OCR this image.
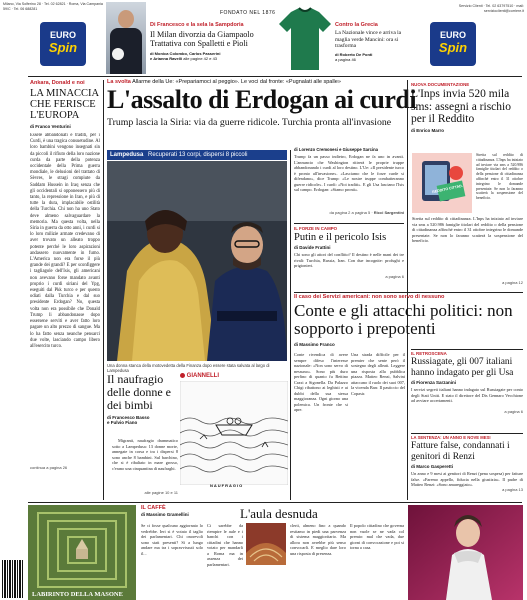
Milano, Via Solferino 28 · Tel. 02 62821 · Roma, Via Campania 59/C · Tel. 06 688281
EURO
Spin
FONDATO NEL 1876
Di Francesco e la sela la Sampdoria
Il Milan divorzia da Giampaolo Trattativa con Spalletti e Pioli
di Monica Colombo, Carlos Passerini
e Arianna Ravelli alle pagine 42 e 43
Contro la Grecia
La Nazionale vince e arriva la maglia verde Mancini: ora si trasforma
di Roberto De Ponti
a pagina 46
Servizio Clienti · Tel. 02 63797510 · mail: servizioclienti@corriere.it
EURO
Spin
Ankara, Donald e noi
LA MINACCIA CHE FERISCE L'EUROPA
di Franco Venturini
Essere abbandonati e traditi, per i Curdi, è una tragica consuetudine. Al loro bambini vengono insegnati sin da piccoli il rifiuto della loro nazione curda da parte della potenza occidentale della Prima guerra mondiale, le delusioni del trattato di Sèvres, le stragi compiute da Saddam Hussein in Iraq senza che gli occidentali si opponessero più di tanto, la repressione in Iran, e più di tutte la dura, implacabile ostilità della Turchia. Chi non ha uno Stato deve almeno salvaguardare la memoria. Ma questa volta, nella Siria in guerra da otto anni, i curdi si lo loro milizie armate credevano di aver trovato un alleato troppo potente perché le loro aspirazioni andassero nuovamente in fumo. L'America non era forse il più grande dei grandi? E per sconfiggere i tagliagole dell'Isis, gli americani non avevano forse mandato avanti proprio i curdi siriani del Ypg, eseguiti dal Pkk turco e per questo odiati dalla Turchia e dal suo presidente Erdogan? No, questa volta non era possibile che Donald Trump li abbandonasse dopo essersene serviti e aver fatto loro pagare un alto prezzo di sangue. Ma lo ha fatto senza neanche pensarci due volte, lasciando campo libero all'esercito turco.
continua a pagina 26
La svolta Allarme della Ue: «Prepariamoci al peggio». Le voci dal fronte: «Pugnalati alle spalle»
L'assalto di Erdogan ai curdi
Trump lascia la Siria: via da guerre ridicole. Turchia pronta all'invasione
Lampedusa Recuperati 13 corpi, dispersi 8 piccoli
Una donna stanca della motovedetta della Finanza dopo essere stata salvata al largo di Lampedusa
di Lorenzo Cremonesi e Giuseppe Sarcina
Trump fa un passo indietro, Erdogan ne fa uno in avanti. L'annuncio che Washington ritirerà le proprie truppe abbandonando i curdi al loro destino. L'Ue: «Il presidente turco è pronto all'invasione». «Lasciamo che le forze curde si difendano», dice Trump: «Le nostre truppe combatteranno guerre ridicole». I curdi: «Noi traditi». E gli Usa lasciano l'Isis sul campo. Erdogan: «Siamo pronti».
da pagina 2 a pagina 5 · Ricci Sargentini
IL FORZE IN CAMPO
Putin e il pericolo Isis
di Davide Frattini
Chi sono gli attori del conflitto? Il destino è nelle mani dei tre rivali: Turchia, Russia, Iran. Con due incognite: profughi e prigionieri.
a pagina 6
NUOVA DOCUMENTAZIONE
L'Inps invia 520 mila sms: assegni a rischio per il Reddito
di Enrico Marro
REDDITO CITTAD.
Stretta sul reddito di cittadinanza. L'Inps ha iniziato ad inviare via sms a 520.986 famiglie titolari del reddito o della pensione di cittadinanza affinché entro il 31 ottobre integrino le domande presentate. Se non lo faranno scatterà la sospensione del beneficio.
Stretta sul reddito di cittadinanza. L'Inps ha iniziato ad inviare via sms a 520.986 famiglie titolari del reddito o della pensione di cittadinanza affinché entro il 31 ottobre integrino le domande presentate. Se non lo faranno scatterà la sospensione del beneficio.
a pagina 12
Il caso dei Servizi americani: non sono servo di nessuno
Conte e gli attacchi politici: non sopporto i prepotenti
di Massimo Franco
Conte rivendica di avere sempre difeso l'interesse nazionale: «Non sono servo di nessuno». Sono più duro perfino di quanto fu Bettino Craxi a Sigonella. Da Palazzo Chigi ribattono ai leghisti e ai dubbi della sua stessa maggioranza. Ogni giorno una polemica. Un fronte che si apre.
Una strada difficile per il premier che sente però il sostegno degli alleati. Leggere una risposta alla pubblica piazza. Matteo Renzi, Salvini attaccano il ruolo dei suoi 007, la vicenda Barr. Il pasticcio del Copasir.
IL RETROSCENA
Russiagate, gli 007 italiani hanno indagato per gli Usa
di Fiorenza Sarzanini
I servizi segreti italiani hanno indagato sul Russiagate per conto degli Stati Uniti. E stato il direttore del Dis Gennaro Vecchione ad avviare accertamenti.
a pagina 6
LA SENTENZA: UN ANNO E NOVE MESI
Fatture false, condannati i genitori di Renzi
di Marco Gasperetti
Un anno e 9 mesi ai genitori di Renzi (pena sospesa) per fatture false. «Faremo appello, fiducia nella giustizia». Il padre di Matteo Renzi: «Sono amareggiato».
a pagina 13
Il naufragio delle donne e dei bimbi
di Francesco Basso
e Fulvio Fiano
Migranti, naufragio drammatico sotto a Lampedusa: 13 donne morte, annegate in corsa e tra i dispersi 8 sono anche 8 bambini. Sul barchino, che si è ribaltato in mare grosso, c'erano una cinquantina di naufraghi.
alle pagine 10 e 11
GIANNELLI
NAUFRAGIO
LABIRINTO DELLA MASONE
IL CAFFÈ
di Massimo Gramellini	L'aula desnuda
Se ci fosse qualcuno aggiornato lo vedrebbe. Ieri si è votato il taglio dei parlamentari. Chi onorevoli sono stati presenti? Sì a lungo andare ma tra i sopravvissuti solo il...
Ci sarebbe da riempire le aule e i banchi con i cittadini che hanno votato per mandarli a Roma ma in assenza dei parlamentari.
clerti, almeno fino a quando restiamo in piedi una parvenza di sistema maggioritario. Ma allora non avrebbe più senso convocarli. E meglio dare loro una risposta di presenza.
Il popolo cittadino che governa non vuole se ne vada col premio: mal che vada, due giorni di convocazione e poi si torna a casa.
